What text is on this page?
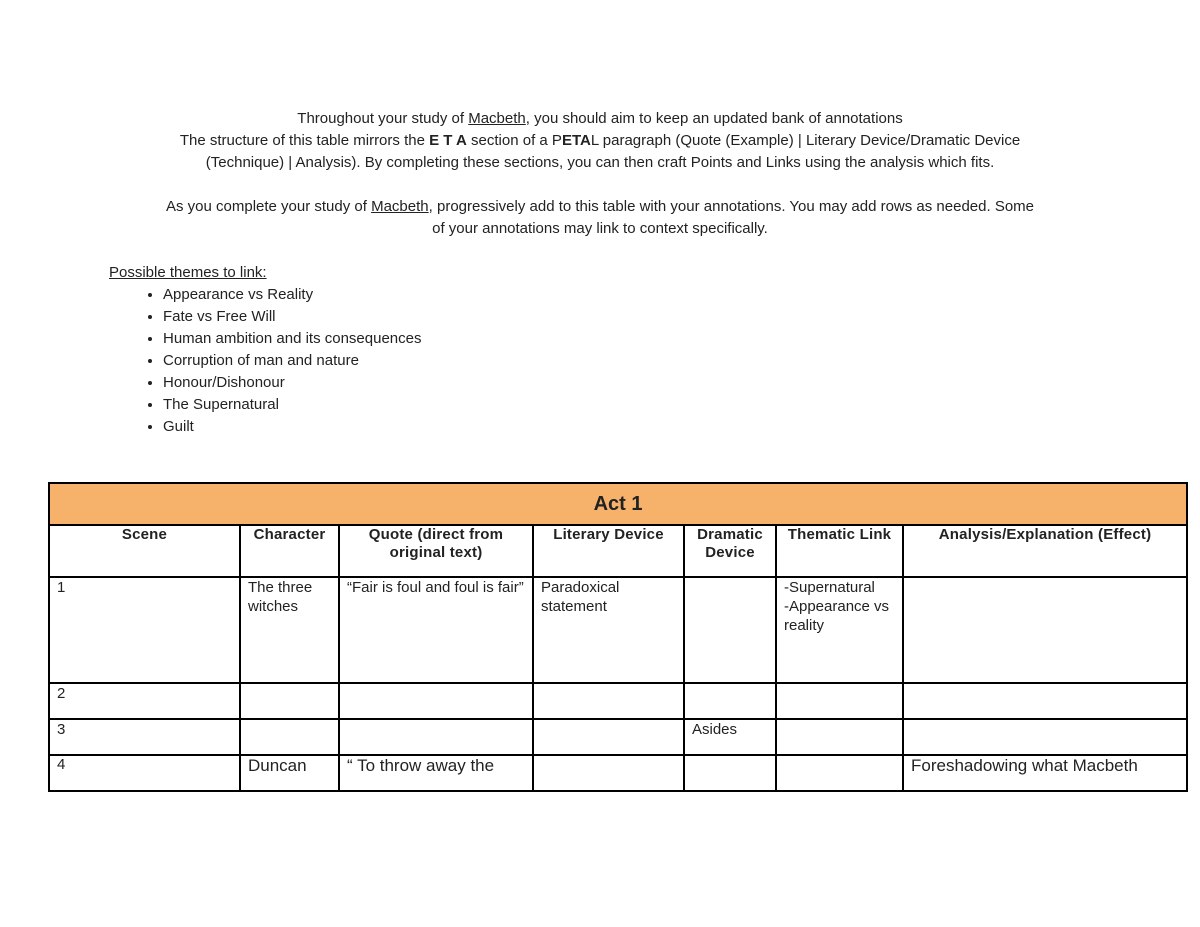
Throughout your study of Macbeth, you should aim to keep an updated bank of annotations

The structure of this table mirrors the E T A section of a PETAL paragraph (Quote (Example) | Literary Device/Dramatic Device

(Technique) | Analysis). By completing these sections, you can then craft Points and Links using the analysis which fits.

As you complete your study of Macbeth, progressively add to this table with your annotations. You may add rows as needed. Some

of your annotations may link to context specifically.

Possible themes to link:
• Appearance vs Reality
• Fate vs Free Will
• Human ambition and its consequences
• Corruption of man and nature
• Honour/Dishonour
• The Supernatural
• Guilt
Act 1						
Scene	Character	Quote (direct from original text)	Literary Device	Dramatic Device	Thematic Link	Analysis/Explanation (Effect)
1	The three witches	“Fair is foul and foul is fair”	Paradoxical statement		-Supernatural
-Appearance vs reality	
2						
3				Asides		
4	Duncan	“ To throw away the				Foreshadowing what Macbeth
